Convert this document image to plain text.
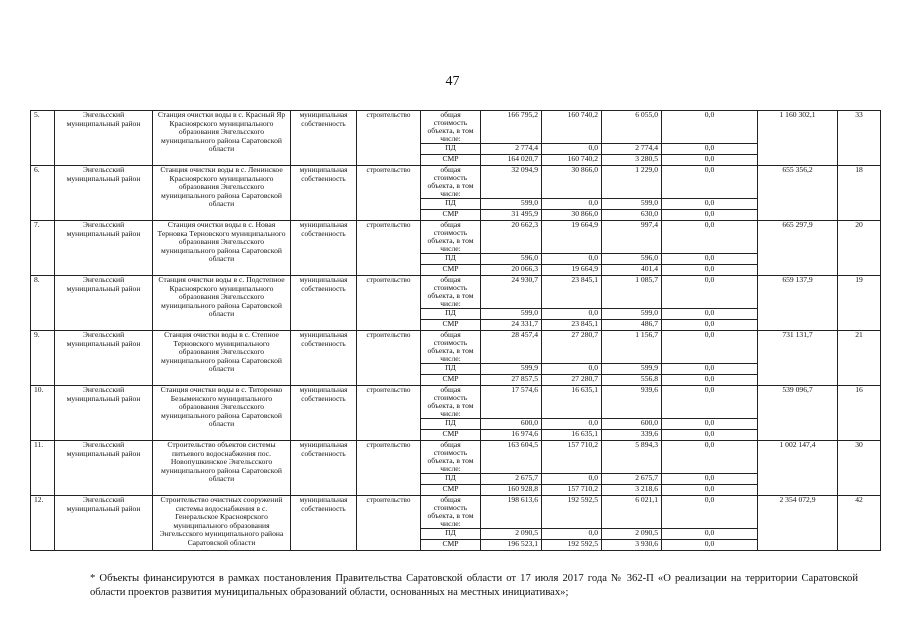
47
5.	Энгельсский муниципальный район	Станция очистки воды в с. Красный Яр Красноярского муниципального образования Энгельсского муниципального района Саратовской области	муниципальная собственность	строительство	общая стоимость объекта, в том числе:	166 795,2	160 740,2	6 055,0	0,0	1 160 302,1	33
					ПД	2 774,4	0,0	2 774,4	0,0		
					СМР	164 020,7	160 740,2	3 280,5	0,0		
6.	Энгельсский муниципальный район	Станция очистки воды в с. Ленинское Красноярского муниципального образования Энгельсского муниципального района Саратовской области	муниципальная собственность	строительство	общая стоимость объекта, в том числе:	32 094,9	30 866,0	1 229,0	0,0	655 356,2	18
					ПД	599,0	0,0	599,0	0,0		
					СМР	31 495,9	30 866,0	630,0	0,0		
7.	Энгельсский муниципальный район	Станция очистки воды в с. Новая Терновка Терновского муниципального образования Энгельсского муниципального района Саратовской области	муниципальная собственность	строительство	общая стоимость объекта, в том числе:	20 662,3	19 664,9	997,4	0,0	665 297,9	20
					ПД	596,0	0,0	596,0	0,0		
					СМР	20 066,3	19 664,9	401,4	0,0		
8.	Энгельсский муниципальный район	Станция очистки воды в с. Подстепное Красноярского муниципального образования Энгельсского муниципального района Саратовской области	муниципальная собственность	строительство	общая стоимость объекта, в том числе:	24 930,7	23 845,1	1 085,7	0,0	659 137,9	19
					ПД	599,0	0,0	599,0	0,0		
					СМР	24 331,7	23 845,1	486,7	0,0		
9.	Энгельсский муниципальный район	Станция очистки воды в с. Степное Терновского муниципального образования Энгельсского муниципального района Саратовской области	муниципальная собственность	строительство	общая стоимость объекта, в том числе:	28 457,4	27 280,7	1 156,7	0,0	731 131,7	21
					ПД	599,9	0,0	599,9	0,0		
					СМР	27 857,5	27 280,7	556,8	0,0		
10.	Энгельсский муниципальный район	Станция очистки воды в с. Титоренко Безыменского муниципального образования Энгельсского муниципального района Саратовской области	муниципальная собственность	строительство	общая стоимость объекта, в том числе:	17 574,6	16 635,1	939,6	0,0	539 096,7	16
					ПД	600,0	0,0	600,0	0,0		
					СМР	16 974,6	16 635,1	339,6	0,0		
11.	Энгельсский муниципальный район	Строительство объектов системы питьевого водоснабжения пос. Новопушкинское Энгельсского муниципального района Саратовской области	муниципальная собственность	строительство	общая стоимость объекта, в том числе:	163 604,5	157 710,2	5 894,3	0,0	1 002 147,4	30
					ПД	2 675,7	0,0	2 675,7	0,0		
					СМР	160 928,8	157 710,2	3 218,6	0,0		
12.	Энгельсский муниципальный район	Строительство очистных сооружений системы водоснабжения в с. Генеральское Красноярского муниципального образования Энгельсского муниципального района Саратовской области	муниципальная собственность	строительство	общая стоимость объекта, в том числе:	198 613,6	192 592,5	6 021,1	0,0	2 354 072,9	42
					ПД	2 090,5	0,0	2 090,5	0,0		
					СМР	196 523,1	192 592,5	3 930,6	0,0		
* Объекты финансируются в рамках постановления Правительства Саратовской области от 17 июля 2017 года № 362-П «О реализации на территории Саратовской области проектов развития муниципальных образований области, основанных на местных инициативах»;
